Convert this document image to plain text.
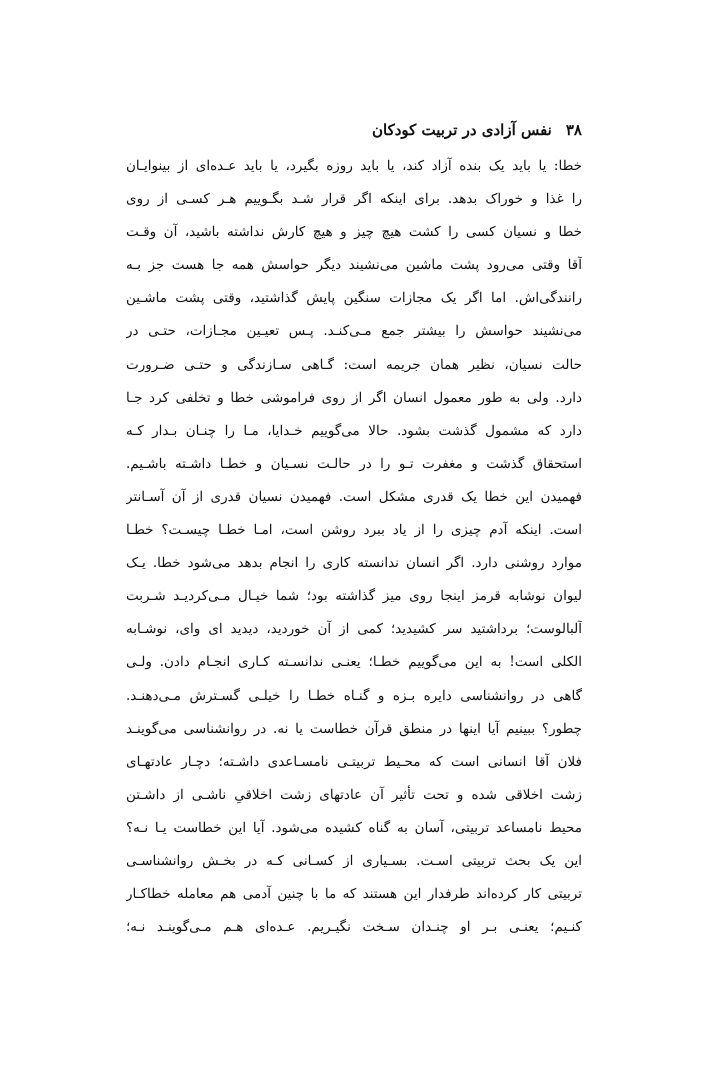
۳۸
نفس آزادی در تربیت کودکان
خطا: یا باید یک بنده آزاد کند، یا باید روزه بگیرد، یا باید عـده‌ای از بینوایـان
را غذا و خوراک بدهد. برای اینکه اگر قرار شـد بگـوییم هـر کسـی از روی
خطا و نسیان کسی را کشت هیچ چیز و هیچ کارش نداشته باشید، آن وقـت
آقا وقتی می‌رود پشت ماشین می‌نشیند دیگر حواسش همه جا هست جز بـه
رانندگی‌اش. اما اگر یک مجازات سنگین پایش گذاشتید، وقتی پشت ماشـین
می‌نشیند حواسش را بیشتر جمع مـی‌کنـد. پـس تعیـین مجـازات، حتـی در
حالت نسیان، نظیر همان جریمه است: گـاهی سـازندگی و حتـی ضـرورت
دارد. ولی به طور معمول انسان اگر از روی فراموشی خطا و تخلفی کرد جـا
دارد که مشمول گذشت بشود. حالا می‌گوییم خـدایا، مـا را چنـان بـدار کـه
استحقاق گذشت و مغفرت تـو را در حالـت نسـیان و خطـا داشـته باشـیم.
فهمیدن این خطا یک قدری مشکل است. فهمیدن نسیان قدری از آن آسـانتر
است. اینکه آدم چیزی را از یاد ببرد روشن است، امـا خطـا چیسـت؟ خطـا
موارد روشنی دارد. اگر انسان ندانسته کاری را انجام بدهد می‌شود خطا. یـک
لیوان نوشابه قرمز اینجا روی میز گذاشته بود؛ شما خیـال مـی‌کردیـد شـربت
آلبالوست؛ برداشتید سر کشیدید؛ کمی از آن خوردید، دیدید ای وای، نوشـابه
الکلی است! به این می‌گوییم خطـا؛ یعنـی ندانسـته کـاری انجـام دادن. ولـی
گاهی در روانشناسی دایره بـزه و گنـاه خطـا را خیلـی گسـترش مـی‌دهنـد.
چطور؟ ببینیم آیا اینها در منطق قرآن خطاست یا نه. در روانشناسی می‌گوینـد
فلان آقا انسانی است که محـیط تربیتـی نامسـاعدی داشـته؛ دچـار عادتهـای
زشت اخلاقی شده و تحت تأثیر آن عادتهای زشت اخلاقیِ ناشـی از داشـتن
محیط نامساعد تربیتی، آسان به گناه کشیده می‌شود. آیا این خطاست یـا نـه؟
این یک بحث تربیتی اسـت. بسـیاری از کسـانی کـه در بخـش روانشناسـی
تربیتی کار کرده‌اند طرفدار این هستند که ما با چنین آدمی هم معامله خطاکـار
کنـیم؛ یعنـی بـر او چنـدان سـخت نگیـریم. عـده‌ای هـم مـی‌گوینـد نـه؛
